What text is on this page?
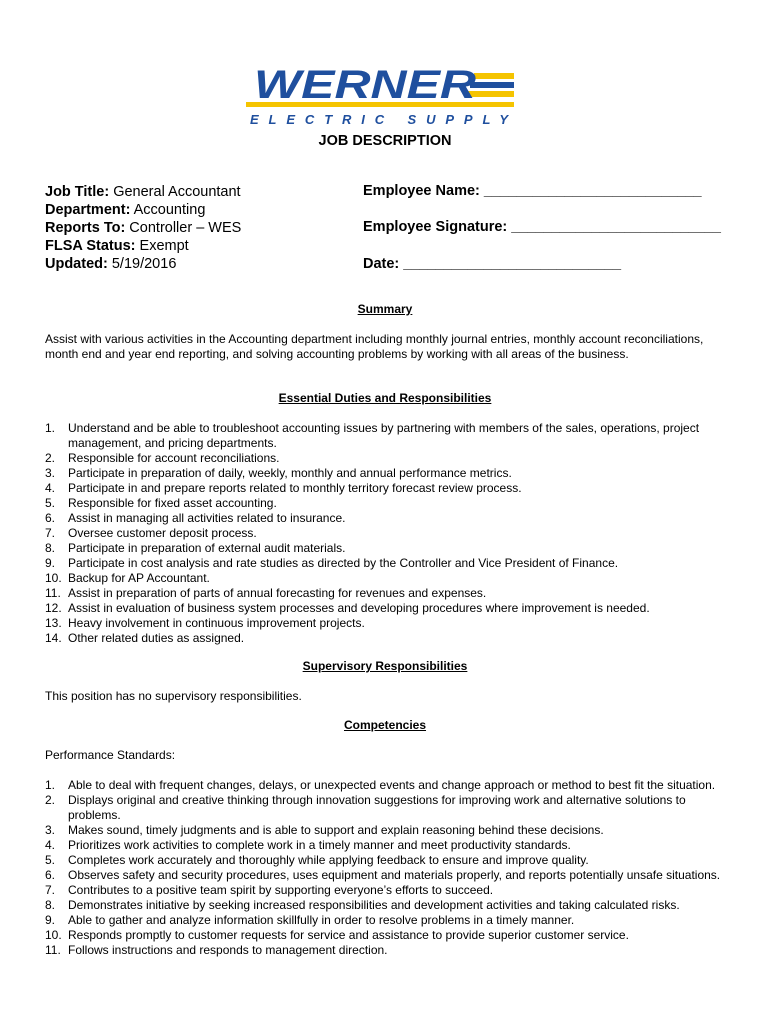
WERNER
ELECTRIC SUPPLY
JOB DESCRIPTION
Job Title: General Accountant
Department: Accounting
Reports To: Controller – WES
FLSA Status: Exempt
Updated: 5/19/2016
Employee Name: ___________________________
Employee Signature: __________________________
Date: ___________________________
Summary
Assist with various activities in the Accounting department including monthly journal entries, monthly account reconciliations, month end and year end reporting, and solving accounting problems by working with all areas of the business.
Essential Duties and Responsibilities
1. Understand and be able to troubleshoot accounting issues by partnering with members of the sales, operations, project management, and pricing departments.
2. Responsible for account reconciliations.
3. Participate in preparation of daily, weekly, monthly and annual performance metrics.
4. Participate in and prepare reports related to monthly territory forecast review process.
5. Responsible for fixed asset accounting.
6. Assist in managing all activities related to insurance.
7. Oversee customer deposit process.
8. Participate in preparation of external audit materials.
9. Participate in cost analysis and rate studies as directed by the Controller and Vice President of Finance.
10. Backup for AP Accountant.
11. Assist in preparation of parts of annual forecasting for revenues and expenses.
12. Assist in evaluation of business system processes and developing procedures where improvement is needed.
13. Heavy involvement in continuous improvement projects.
14. Other related duties as assigned.
Supervisory Responsibilities
This position has no supervisory responsibilities.
Competencies
Performance Standards:
1. Able to deal with frequent changes, delays, or unexpected events and change approach or method to best fit the situation.
2. Displays original and creative thinking through innovation suggestions for improving work and alternative solutions to problems.
3. Makes sound, timely judgments and is able to support and explain reasoning behind these decisions.
4. Prioritizes work activities to complete work in a timely manner and meet productivity standards.
5. Completes work accurately and thoroughly while applying feedback to ensure and improve quality.
6. Observes safety and security procedures, uses equipment and materials properly, and reports potentially unsafe situations.
7. Contributes to a positive team spirit by supporting everyone’s efforts to succeed.
8. Demonstrates initiative by seeking increased responsibilities and development activities and taking calculated risks.
9. Able to gather and analyze information skillfully in order to resolve problems in a timely manner.
10. Responds promptly to customer requests for service and assistance to provide superior customer service.
11. Follows instructions and responds to management direction.
